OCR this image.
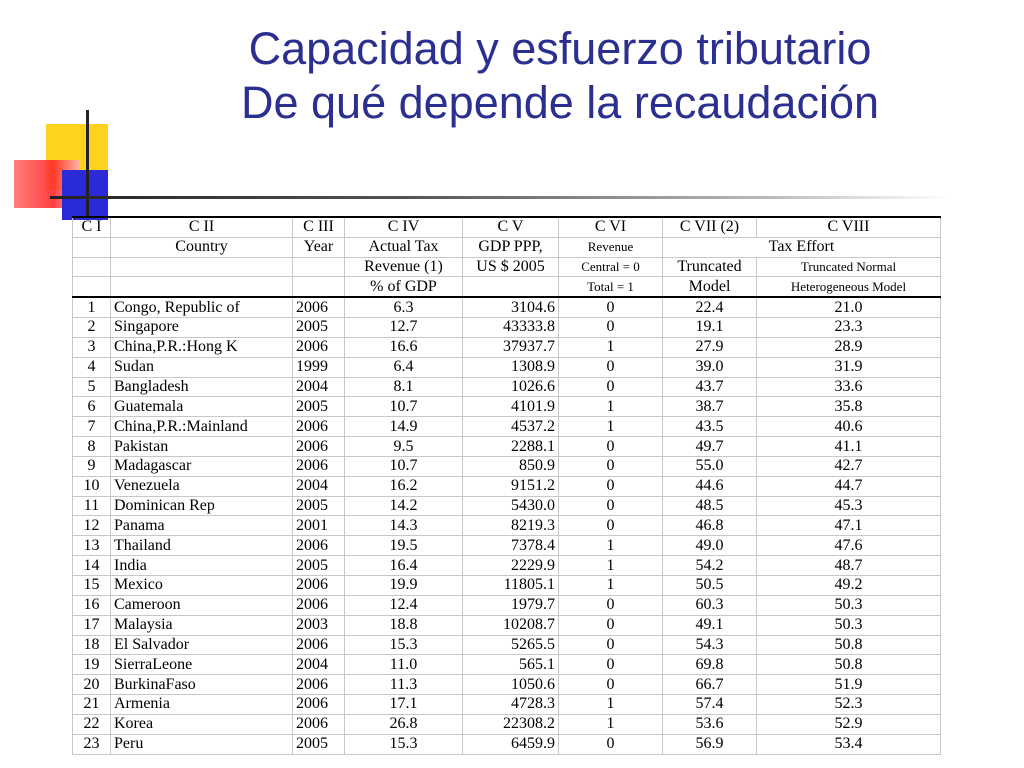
Capacidad y esfuerzo tributario
De qué depende la recaudación
C I	C II	C III	C IV	C V	C VI	C VII (2)	C VIII
	Country	Year	Actual Tax	GDP PPP,	Revenue	Tax Effort	
			Revenue (1)	US $ 2005	Central = 0	Truncated	Truncated Normal
			% of GDP		Total = 1	Model	Heterogeneous Model
1	Congo, Republic of	2006	6.3	3104.6	0	22.4	21.0
2	Singapore	2005	12.7	43333.8	0	19.1	23.3
3	China,P.R.:Hong K	2006	16.6	37937.7	1	27.9	28.9
4	Sudan	1999	6.4	1308.9	0	39.0	31.9
5	Bangladesh	2004	8.1	1026.6	0	43.7	33.6
6	Guatemala	2005	10.7	4101.9	1	38.7	35.8
7	China,P.R.:Mainland	2006	14.9	4537.2	1	43.5	40.6
8	Pakistan	2006	9.5	2288.1	0	49.7	41.1
9	Madagascar	2006	10.7	850.9	0	55.0	42.7
10	Venezuela	2004	16.2	9151.2	0	44.6	44.7
11	Dominican Rep	2005	14.2	5430.0	0	48.5	45.3
12	Panama	2001	14.3	8219.3	0	46.8	47.1
13	Thailand	2006	19.5	7378.4	1	49.0	47.6
14	India	2005	16.4	2229.9	1	54.2	48.7
15	Mexico	2006	19.9	11805.1	1	50.5	49.2
16	Cameroon	2006	12.4	1979.7	0	60.3	50.3
17	Malaysia	2003	18.8	10208.7	0	49.1	50.3
18	El Salvador	2006	15.3	5265.5	0	54.3	50.8
19	SierraLeone	2004	11.0	565.1	0	69.8	50.8
20	BurkinaFaso	2006	11.3	1050.6	0	66.7	51.9
21	Armenia	2006	17.1	4728.3	1	57.4	52.3
22	Korea	2006	26.8	22308.2	1	53.6	52.9
23	Peru	2005	15.3	6459.9	0	56.9	53.4
